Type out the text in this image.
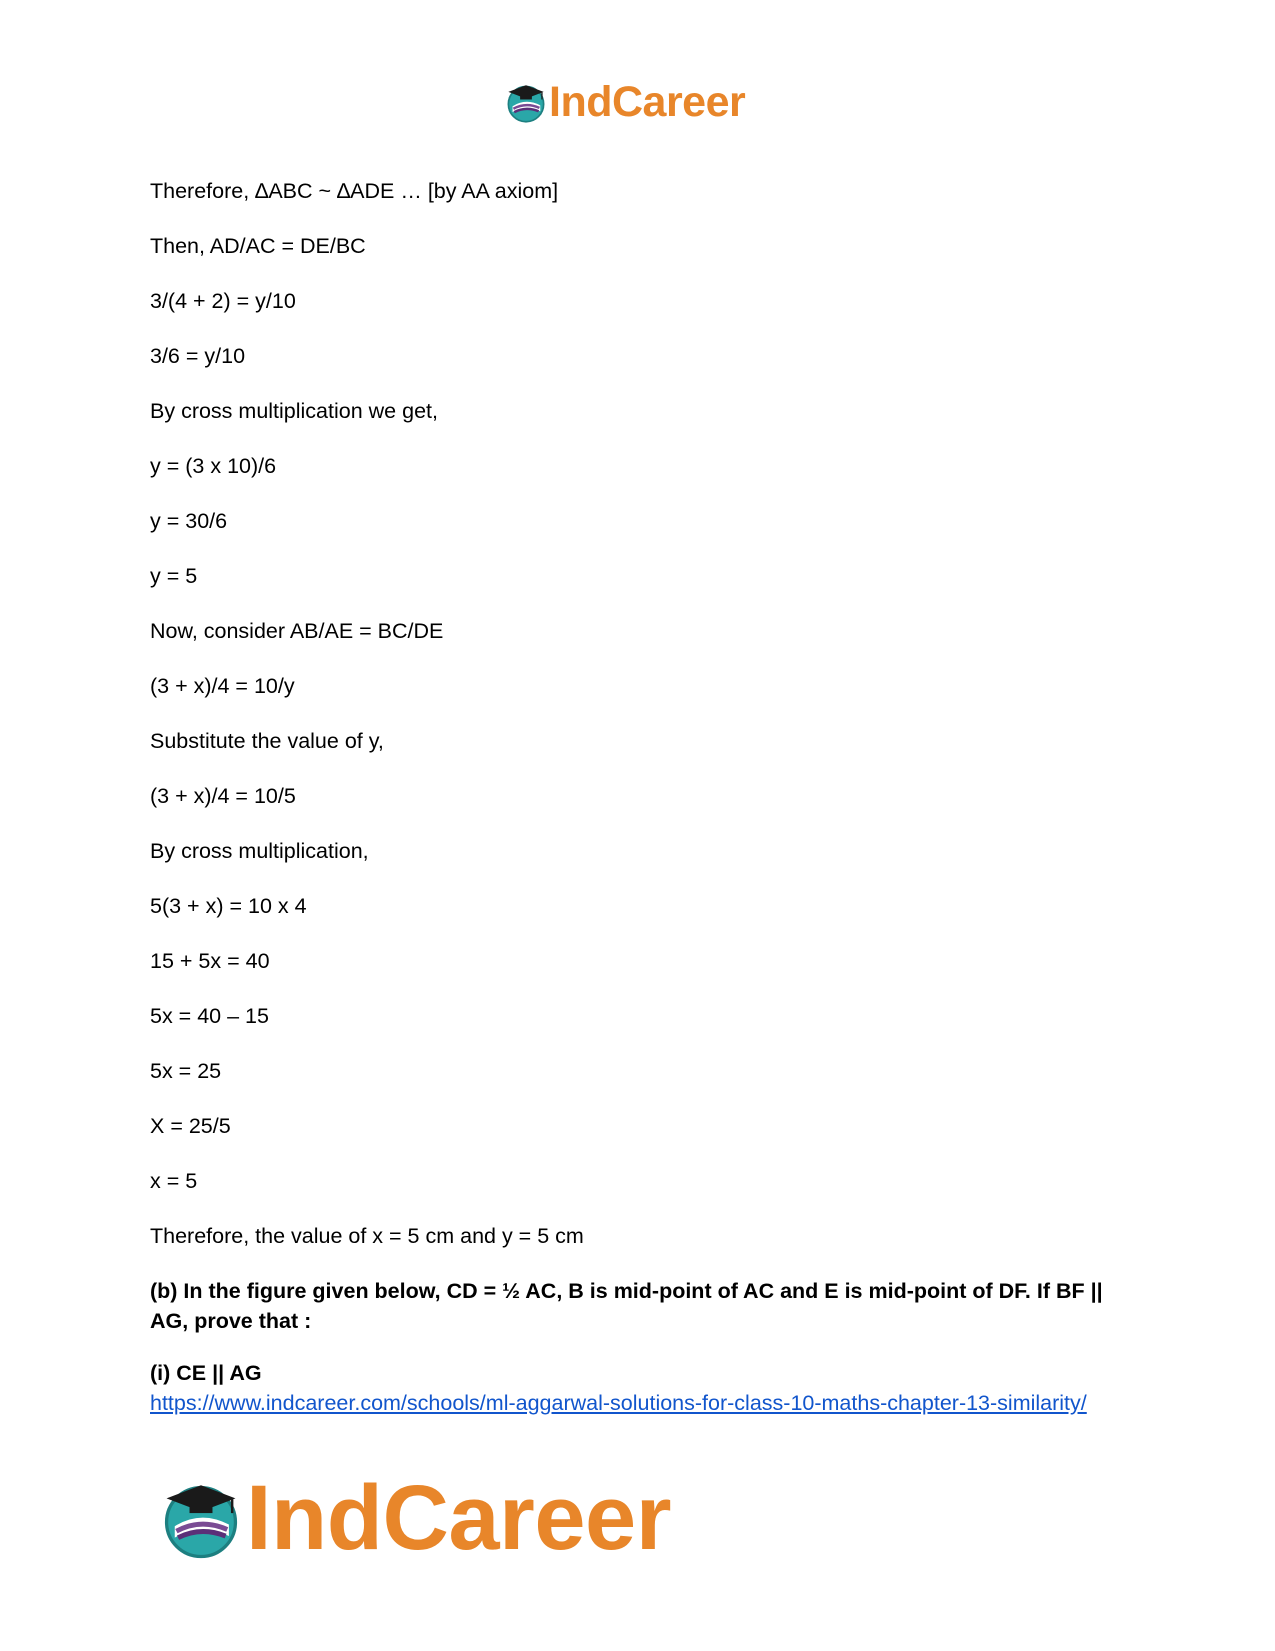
IndCareer

Therefore, ∆ABC ~ ∆ADE … [by AA axiom]

Then, AD/AC = DE/BC

3/(4 + 2) = y/10

3/6 = y/10

By cross multiplication we get,

y = (3 x 10)/6

y = 30/6

y = 5

Now, consider AB/AE = BC/DE

(3 + x)/4 = 10/y

Substitute the value of y,

(3 + x)/4 = 10/5

By cross multiplication,

5(3 + x) = 10 x 4

15 + 5x = 40

5x = 40 – 15

5x = 25

X = 25/5

x = 5

Therefore, the value of x = 5 cm and y = 5 cm

(b) In the figure given below, CD = ½ AC, B is mid-point of AC and E is mid-point of DF. If BF || AG, prove that :

(i) CE || AG

https://www.indcareer.com/schools/ml-aggarwal-solutions-for-class-10-maths-chapter-13-similarity/
IndCareer
